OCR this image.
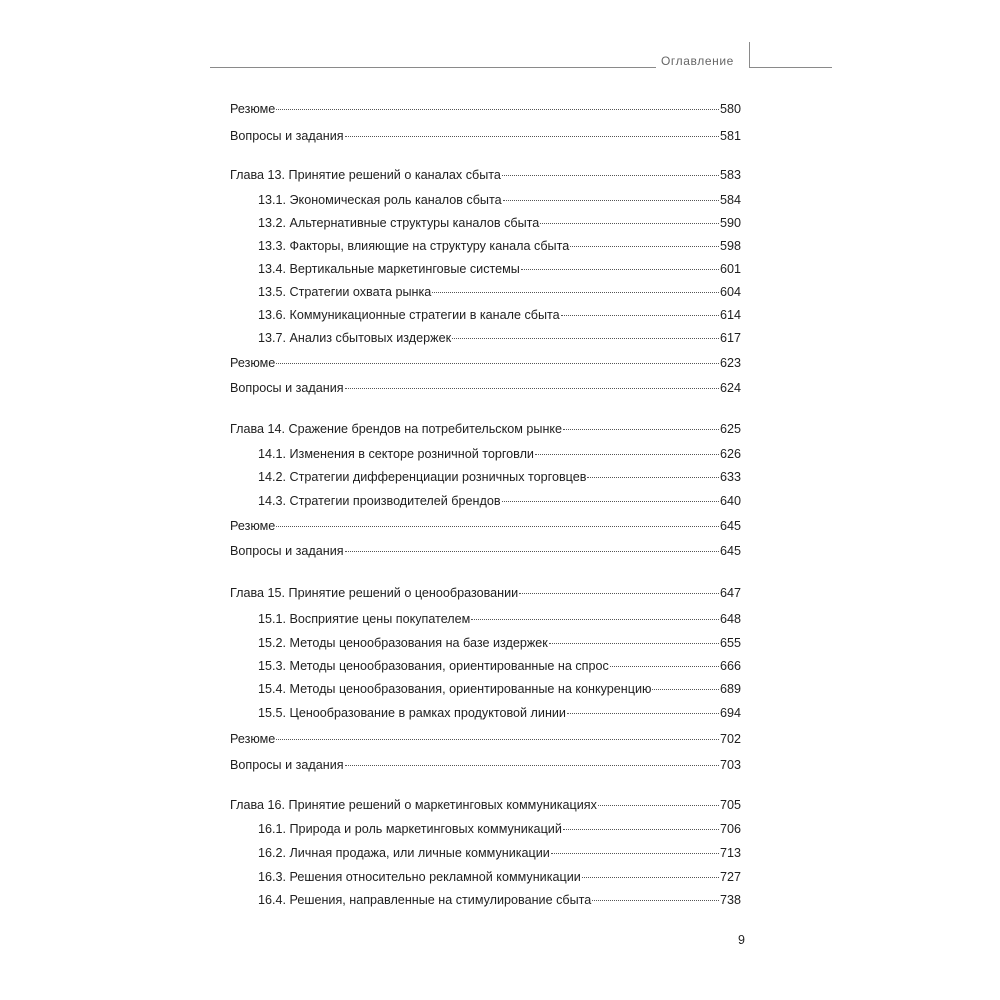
Оглавление
Резюме	580
Вопросы и задания	581
Глава 13. Принятие решений о каналах сбыта	583
13.1. Экономическая роль каналов сбыта	584
13.2. Альтернативные структуры каналов сбыта	590
13.3. Факторы, влияющие на структуру канала сбыта	598
13.4. Вертикальные маркетинговые системы	601
13.5. Стратегии охвата рынка	604
13.6. Коммуникационные стратегии в канале сбыта	614
13.7. Анализ сбытовых издержек	617
Резюме	623
Вопросы и задания	624
Глава 14. Сражение брендов на потребительском рынке	625
14.1. Изменения в секторе розничной торговли	626
14.2. Стратегии дифференциации розничных торговцев	633
14.3. Стратегии производителей брендов	640
Резюме	645
Вопросы и задания	645
Глава 15. Принятие решений о ценообразовании	647
15.1. Восприятие цены покупателем	648
15.2. Методы ценообразования на базе издержек	655
15.3. Методы ценообразования, ориентированные на спрос	666
15.4. Методы ценообразования, ориентированные на конкуренцию	689
15.5. Ценообразование в рамках продуктовой линии	694
Резюме	702
Вопросы и задания	703
Глава 16. Принятие решений о маркетинговых коммуникациях	705
16.1. Природа и роль маркетинговых коммуникаций	706
16.2. Личная продажа, или личные коммуникации	713
16.3. Решения относительно рекламной коммуникации	727
16.4. Решения, направленные на стимулирование сбыта	738
9
